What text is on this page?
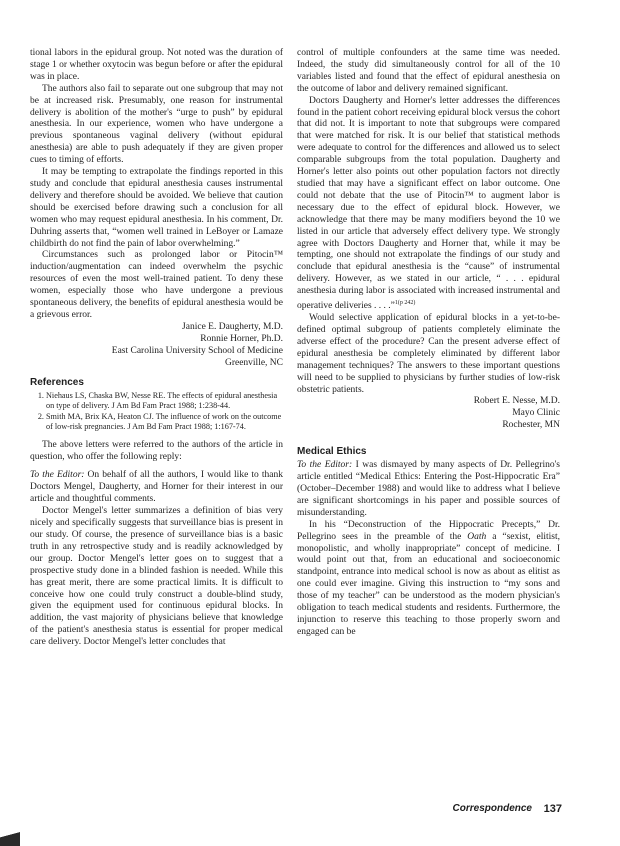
tional labors in the epidural group. Not noted was the duration of stage 1 or whether oxytocin was begun before or after the epidural was in place.

The authors also fail to separate out one subgroup that may not be at increased risk. Presumably, one reason for instrumental delivery is abolition of the mother's “urge to push” by epidural anesthesia. In our experience, women who have undergone a previous spontaneous vaginal delivery (without epidural anesthesia) are able to push adequately if they are given proper cues to timing of efforts.

It may be tempting to extrapolate the findings reported in this study and conclude that epidural anesthesia causes instrumental delivery and therefore should be avoided. We believe that caution should be exercised before drawing such a conclusion for all women who may request epidural anesthesia. In his comment, Dr. Duhring asserts that, “women well trained in LeBoyer or Lamaze childbirth do not find the pain of labor overwhelming.”

Circumstances such as prolonged labor or Pitocin™ induction/augmentation can indeed overwhelm the psychic resources of even the most well-trained patient. To deny these women, especially those who have undergone a previous spontaneous delivery, the benefits of epidural anesthesia would be a grievous error.

Janice E. Daugherty, M.D.
Ronnie Horner, Ph.D.
East Carolina University School of Medicine
Greenville, NC
References
1. Niehaus LS, Chaska BW, Nesse RE. The effects of epidural anesthesia on type of delivery. J Am Bd Fam Pract 1988; 1:238-44.
2. Smith MA, Brix KA, Heaton CJ. The influence of work on the outcome of low-risk pregnancies. J Am Bd Fam Pract 1988; 1:167-74.

The above letters were referred to the authors of the article in question, who offer the following reply:

To the Editor: On behalf of all the authors, I would like to thank Doctors Mengel, Daugherty, and Horner for their interest in our article and thoughtful comments.

Doctor Mengel's letter summarizes a definition of bias very nicely and specifically suggests that surveillance bias is present in our study. Of course, the presence of surveillance bias is a basic truth in any retrospective study and is readily acknowledged by our group. Doctor Mengel's letter goes on to suggest that a prospective study done in a blinded fashion is needed. While this has great merit, there are some practical limits. It is difficult to conceive how one could truly construct a double-blind study, given the equipment used for continuous epidural blocks. In addition, the vast majority of physicians believe that knowledge of the patient's anesthesia status is essential for proper medical care delivery. Doctor Mengel's letter concludes that

control of multiple confounders at the same time was needed. Indeed, the study did simultaneously control for all of the 10 variables listed and found that the effect of epidural anesthesia on the outcome of labor and delivery remained significant.

Doctors Daugherty and Horner's letter addresses the differences found in the patient cohort receiving epidural block versus the cohort that did not. It is important to note that subgroups were compared that were matched for risk. It is our belief that statistical methods were adequate to control for the differences and allowed us to select comparable subgroups from the total population. Daugherty and Horner's letter also points out other population factors not directly studied that may have a significant effect on labor outcome. One could not debate that the use of Pitocin™ to augment labor is necessary due to the effect of epidural block. However, we acknowledge that there may be many modifiers beyond the 10 we listed in our article that adversely effect delivery type. We strongly agree with Doctors Daugherty and Horner that, while it may be tempting, one should not extrapolate the findings of our study and conclude that epidural anesthesia is the “cause” of instrumental delivery. However, as we stated in our article, “ . . . epidural anesthesia during labor is associated with increased instrumental and operative deliveries . . . .”$^{1(p 242)}$

Would selective application of epidural blocks in a yet-to-be-defined optimal subgroup of patients completely eliminate the adverse effect of the procedure? Can the present adverse effect of epidural anesthesia be completely eliminated by different labor management techniques? The answers to these important questions will need to be supplied to physicians by further studies of low-risk obstetric patients.

Robert E. Nesse, M.D.
Mayo Clinic
Rochester, MN
Medical Ethics

To the Editor: I was dismayed by many aspects of Dr. Pellegrino's article entitled “Medical Ethics: Entering the Post-Hippocratic Era” (October–December 1988) and would like to address what I believe are significant shortcomings in his paper and possible sources of misunderstanding.

In his “Deconstruction of the Hippocratic Precepts,” Dr. Pellegrino sees in the preamble of the Oath a “sexist, elitist, monopolistic, and wholly inappropriate” concept of medicine. I would point out that, from an educational and socioeconomic standpoint, entrance into medical school is now as about as elitist as one could ever imagine. Giving this instruction to “my sons and those of my teacher” can be understood as the modern physician's obligation to teach medical students and residents. Furthermore, the injunction to reserve this teaching to those properly sworn and engaged can be

Correspondence 137
